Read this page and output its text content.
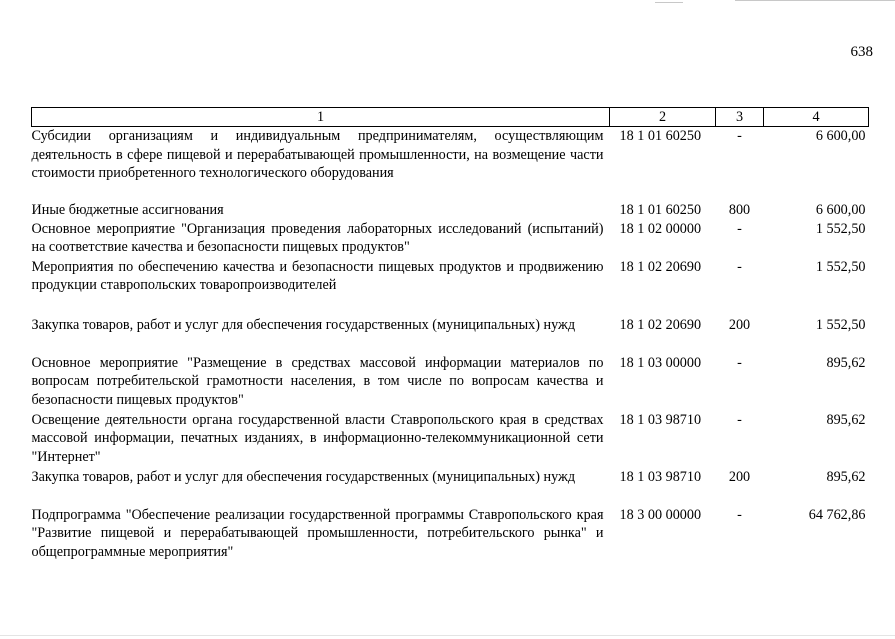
638
1	2	3	4
Субсидии организациям и индивидуальным предпринимателям, осуществляющим деятельность в сфере пищевой и перерабатывающей промышленности, на возмещение части стоимости приобретенного технологического оборудования	18 1 01 60250	-	6 600,00
Иные бюджетные ассигнования	18 1 01 60250	800	6 600,00
Основное мероприятие "Организация проведения лабораторных исследований (испытаний) на соответствие качества и безопасности пищевых продуктов"	18 1 02 00000	-	1 552,50
Мероприятия по обеспечению качества и безопасности пищевых продуктов и продвижению продукции ставропольских товаропроизводителей	18 1 02 20690	-	1 552,50
Закупка товаров, работ и услуг для обеспечения государственных (муниципальных) нужд	18 1 02 20690	200	1 552,50
Основное мероприятие "Размещение в средствах массовой информации материалов по вопросам потребительской грамотности населения, в том числе по вопросам качества и безопасности пищевых продуктов"	18 1 03 00000	-	895,62
Освещение деятельности органа государственной власти Ставропольского края в средствах массовой информации, печатных изданиях, в информационно-телекоммуникационной сети "Интернет"	18 1 03 98710	-	895,62
Закупка товаров, работ и услуг для обеспечения государственных (муниципальных) нужд	18 1 03 98710	200	895,62
Подпрограмма "Обеспечение реализации государственной программы Ставропольского края "Развитие пищевой и перерабатывающей промышленности, потребительского рынка" и общепрограммные мероприятия"	18 3 00 00000	-	64 762,86
